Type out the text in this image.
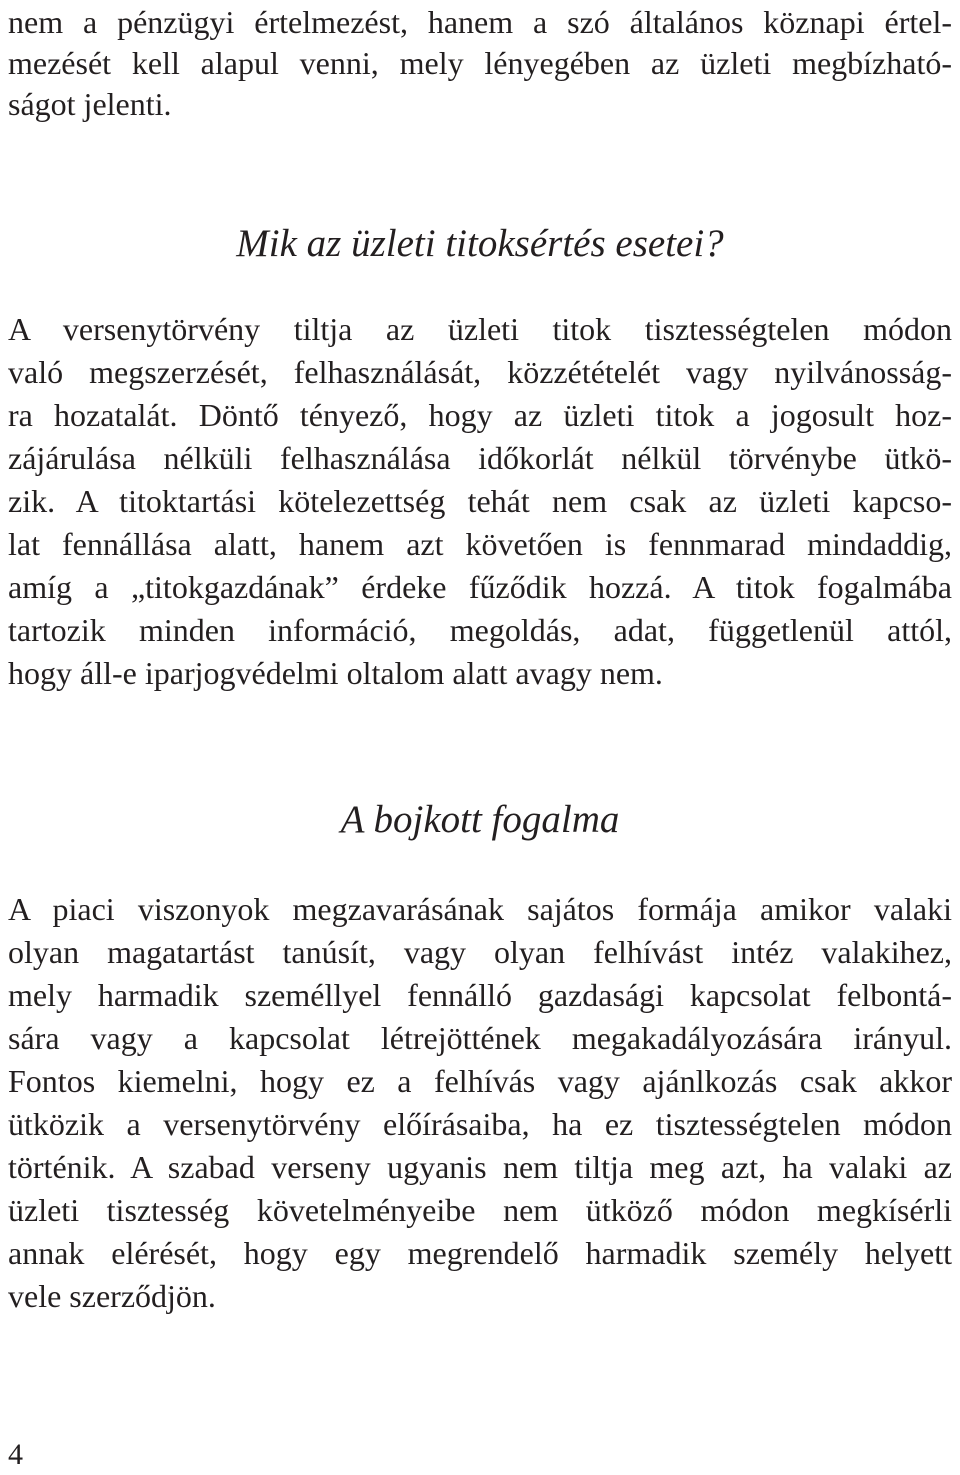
nem a pénzügyi értelmezést, hanem a szó általános köznapi értel-

mezését kell alapul venni, mely lényegében az üzleti megbízható-

ságot jelenti.

Mik az üzleti titoksértés esetei?

A versenytörvény tiltja az üzleti titok tisztességtelen módon

való megszerzését, felhasználását, közzétételét vagy nyilvánosság-

ra hozatalát. Döntő tényező, hogy az üzleti titok a jogosult hoz-

zájárulása nélküli felhasználása időkorlát nélkül törvénybe ütkö-

zik. A titoktartási kötelezettség tehát nem csak az üzleti kapcso-

lat fennállása alatt, hanem azt követően is fennmarad mindaddig,

amíg a „titokgazdának” érdeke fűződik hozzá. A titok fogalmába

tartozik minden információ, megoldás, adat, függetlenül attól,

hogy áll-e iparjogvédelmi oltalom alatt avagy nem.

A bojkott fogalma

A piaci viszonyok megzavarásának sajátos formája amikor valaki

olyan magatartást tanúsít, vagy olyan felhívást intéz valakihez,

mely harmadik személlyel fennálló gazdasági kapcsolat felbontá-

sára vagy a kapcsolat létrejöttének megakadályozására irányul.

Fontos kiemelni, hogy ez a felhívás vagy ajánlkozás csak akkor

ütközik a versenytörvény előírásaiba, ha ez tisztességtelen módon

történik. A szabad verseny ugyanis nem tiltja meg azt, ha valaki az

üzleti tisztesség követelményeibe nem ütköző módon megkísérli

annak elérését, hogy egy megrendelő harmadik személy helyett

vele szerződjön.

4
